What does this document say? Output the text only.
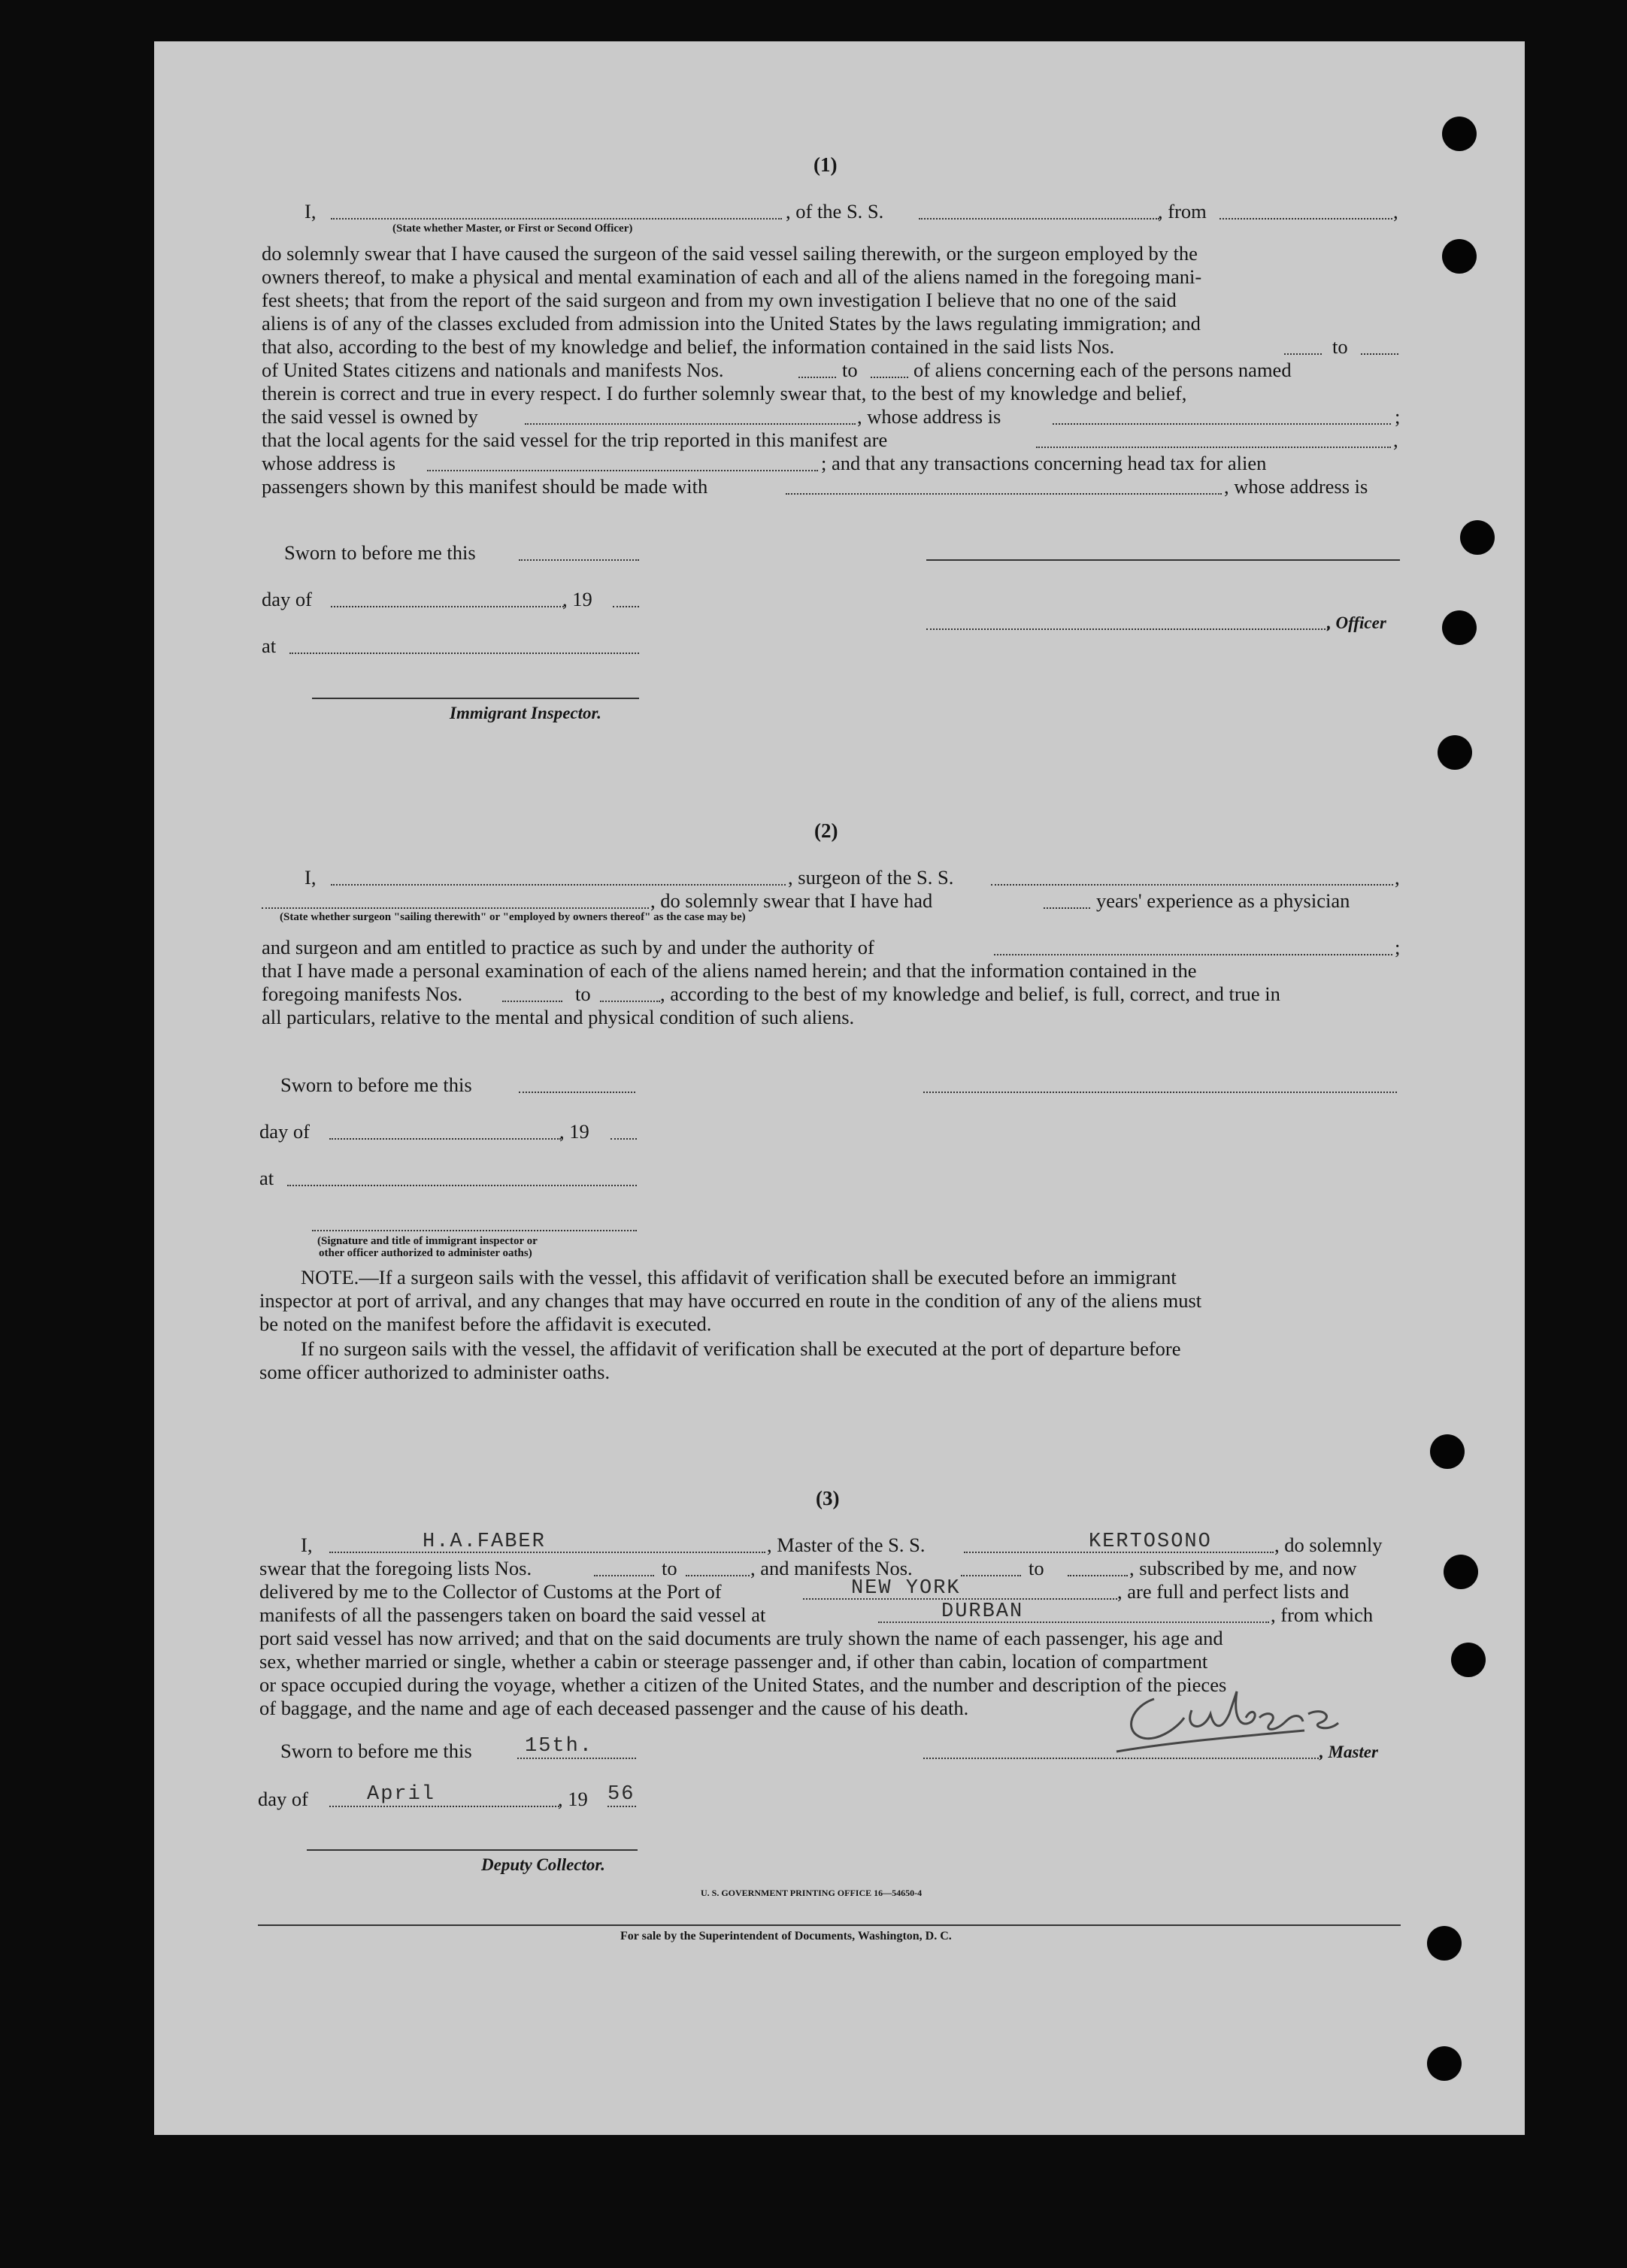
(1)
I,	, of the S. S.	, from	,
(State whether Master, or First or Second Officer)
do solemnly swear that I have caused the surgeon of the said vessel sailing therewith, or the surgeon employed by the
owners thereof, to make a physical and mental examination of each and all of the aliens named in the foregoing mani-
fest sheets; that from the report of the said surgeon and from my own investigation I believe that no one of the said
aliens is of any of the classes excluded from admission into the United States by the laws regulating immigration; and
that also, according to the best of my knowledge and belief, the information contained in the said lists Nos.	to
of United States citizens and nationals and manifests Nos.	to	of aliens concerning each of the persons named
therein is correct and true in every respect. I do further solemnly swear that, to the best of my knowledge and belief,
the said vessel is owned by	, whose address is	;
that the local agents for the said vessel for the trip reported in this manifest are	,
whose address is	; and that any transactions concerning head tax for alien
passengers shown by this manifest should be made with	, whose address is
Sworn to before me this
day of	, 19
, Officer
at
Immigrant Inspector.
(2)
I,	, surgeon of the S. S.	,
, do solemnly swear that I have had	years' experience as a physician
(State whether surgeon "sailing therewith" or "employed by owners thereof" as the case may be)
and surgeon and am entitled to practice as such by and under the authority of	;
that I have made a personal examination of each of the aliens named herein; and that the information contained in the
foregoing manifests Nos.	to	, according to the best of my knowledge and belief, is full, correct, and true in
all particulars, relative to the mental and physical condition of such aliens.
Sworn to before me this
day of	, 19
at
(Signature and title of immigrant inspector or
other officer authorized to administer oaths)
NOTE.—If a surgeon sails with the vessel, this affidavit of verification shall be executed before an immigrant
inspector at port of arrival, and any changes that may have occurred en route in the condition of any of the aliens must
be noted on the manifest before the affidavit is executed.
If no surgeon sails with the vessel, the affidavit of verification shall be executed at the port of departure before
some officer authorized to administer oaths.
(3)
I,	H.A.FABER	, Master of the S. S.	KERTOSONO	, do solemnly
swear that the foregoing lists Nos.	to	, and manifests Nos.	to	, subscribed by me, and now
delivered by me to the Collector of Customs at the Port of	NEW YORK	, are full and perfect lists and
manifests of all the passengers taken on board the said vessel at	DURBAN	, from which
port said vessel has now arrived; and that on the said documents are truly shown the name of each passenger, his age and
sex, whether married or single, whether a cabin or steerage passenger and, if other than cabin, location of compartment
or space occupied during the voyage, whether a citizen of the United States, and the number and description of the pieces
of baggage, and the name and age of each deceased passenger and the cause of his death.
Sworn to before me this	15th.	, Master
day of	April	, 19 56
Deputy Collector.
U. S. GOVERNMENT PRINTING OFFICE 16—54650-4
For sale by the Superintendent of Documents, Washington, D. C.
